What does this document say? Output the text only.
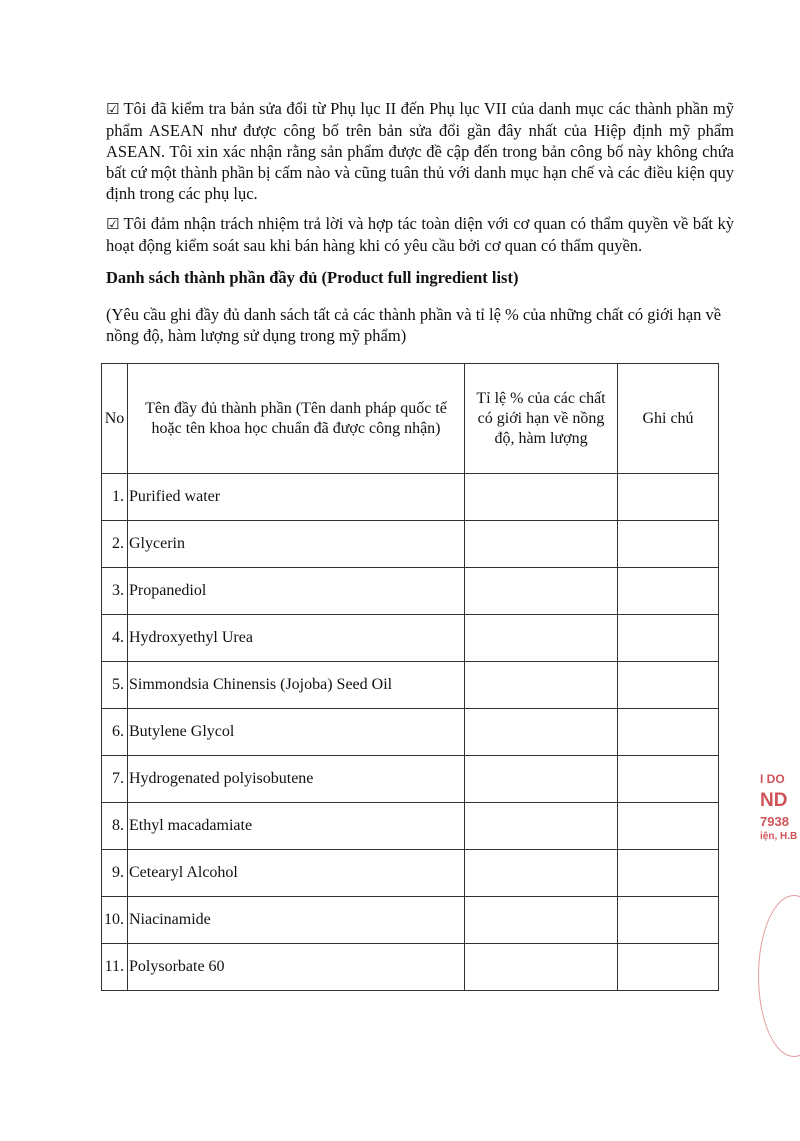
☑ Tôi đã kiểm tra bản sửa đổi từ Phụ lục II đến Phụ lục VII của danh mục các thành phần mỹ phẩm ASEAN như được công bố trên bản sửa đổi gần đây nhất của Hiệp định mỹ phẩm ASEAN. Tôi xin xác nhận rằng sản phẩm được đề cập đến trong bản công bố này không chứa bất cứ một thành phần bị cấm nào và cũng tuân thủ với danh mục hạn chế và các điều kiện quy định trong các phụ lục.
☑ Tôi đảm nhận trách nhiệm trả lời và hợp tác toàn diện với cơ quan có thẩm quyền về bất kỳ hoạt động kiểm soát sau khi bán hàng khi có yêu cầu bởi cơ quan có thẩm quyền.
Danh sách thành phần đầy đủ (Product full ingredient list)
(Yêu cầu ghi đầy đủ danh sách tất cả các thành phần và tỉ lệ % của những chất có giới hạn về nồng độ, hàm lượng sử dụng trong mỹ phẩm)
No	Tên đầy đủ thành phần (Tên danh pháp quốc tế hoặc tên khoa học chuẩn đã được công nhận)	Tỉ lệ % của các chất có giới hạn về nồng độ, hàm lượng	Ghi chú
1.	Purified water		
2.	Glycerin		
3.	Propanediol		
4.	Hydroxyethyl Urea		
5.	Simmondsia Chinensis (Jojoba) Seed Oil		
6.	Butylene Glycol		
7.	Hydrogenated polyisobutene		
8.	Ethyl macadamiate		
9.	Cetearyl Alcohol		
10.	Niacinamide		
11.	Polysorbate 60		
I DO
ND
7938
iện, H.B
